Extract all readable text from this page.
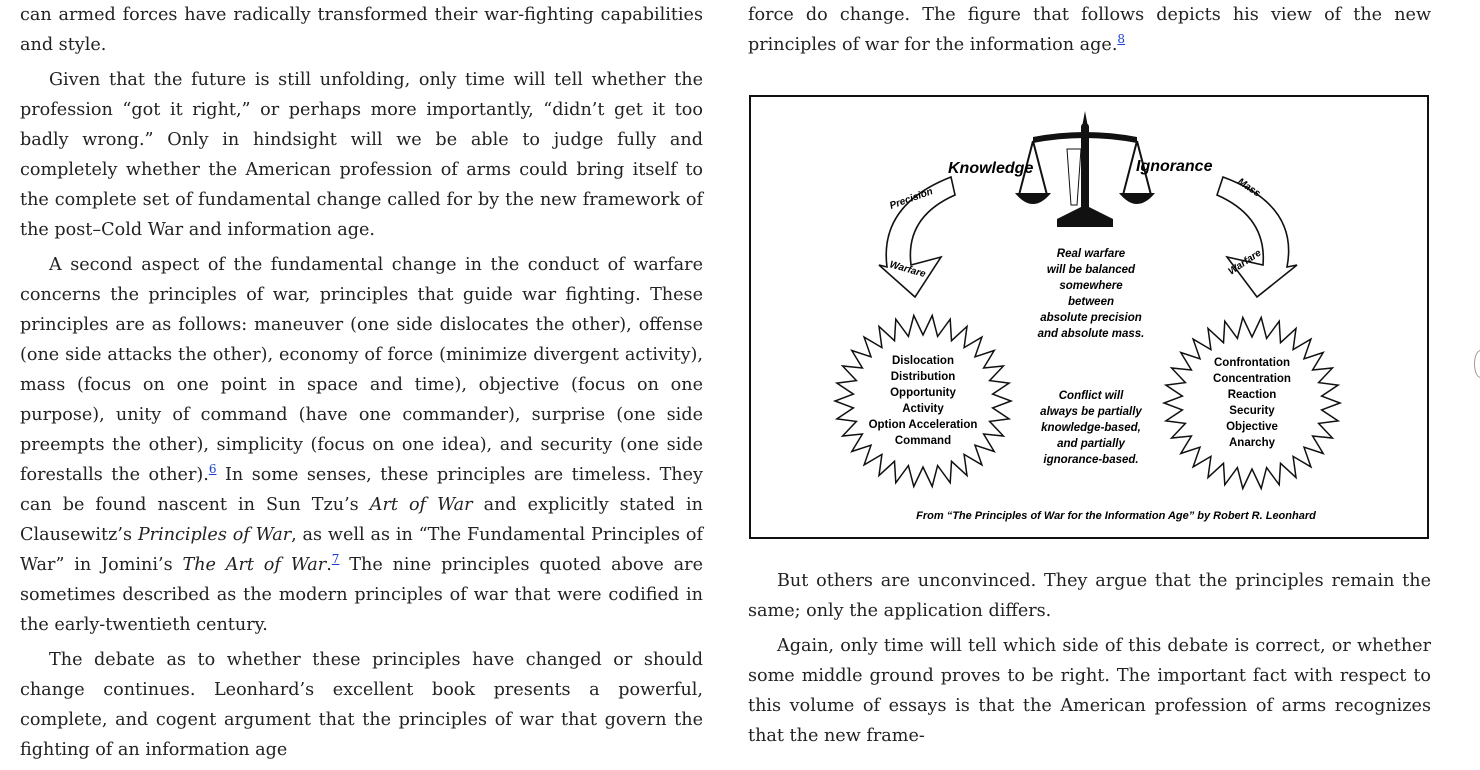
can armed forces have radically transformed their war-fighting capabilities and style.

Given that the future is still unfolding, only time will tell whether the profession “got it right,” or perhaps more importantly, “didn’t get it too badly wrong.” Only in hindsight will we be able to judge fully and completely whether the American profession of arms could bring itself to the complete set of fundamental change called for by the new framework of the post–Cold War and information age.

A second aspect of the fundamental change in the conduct of warfare concerns the principles of war, principles that guide war fighting. These principles are as follows: maneuver (one side dislocates the other), offense (one side attacks the other), economy of force (minimize divergent activity), mass (focus on one point in space and time), objective (focus on one purpose), unity of command (have one commander), surprise (one side preempts the other), simplicity (focus on one idea), and security (one side forestalls the other).$^6$ In some senses, these principles are timeless. They can be found nascent in Sun Tzu’s Art of War and explicitly stated in Clausewitz’s Principles of War, as well as in “The Fundamental Principles of War” in Jomini’s The Art of War.$^7$ The nine principles quoted above are sometimes described as the modern principles of war that were codified in the early-twentieth century.

The debate as to whether these principles have changed or should change continues. Leonhard’s excellent book presents a powerful, complete, and cogent argument that the principles of war that govern the fighting of an information age

force do change. The figure that follows depicts his view of the new principles of war for the information age.$^8$

Knowledge	Ignorance
Precision
Warfare
Mass
Warfare
Dislocation
Distribution
Opportunity
Activity
Option Acceleration
Command
Confrontation
Concentration
Reaction
Security
Objective
Anarchy
Real warfare
will be balanced
somewhere
between
absolute precision
and absolute mass.
Conflict will
always be partially
knowledge-based,
and partially
ignorance-based.
From “The Principles of War for the Information Age” by Robert R. Leonhard

But others are unconvinced. They argue that the principles remain the same; only the application differs.

Again, only time will tell which side of this debate is correct, or whether some middle ground proves to be right. The important fact with respect to this volume of essays is that the American profession of arms recognizes that the new frame-
